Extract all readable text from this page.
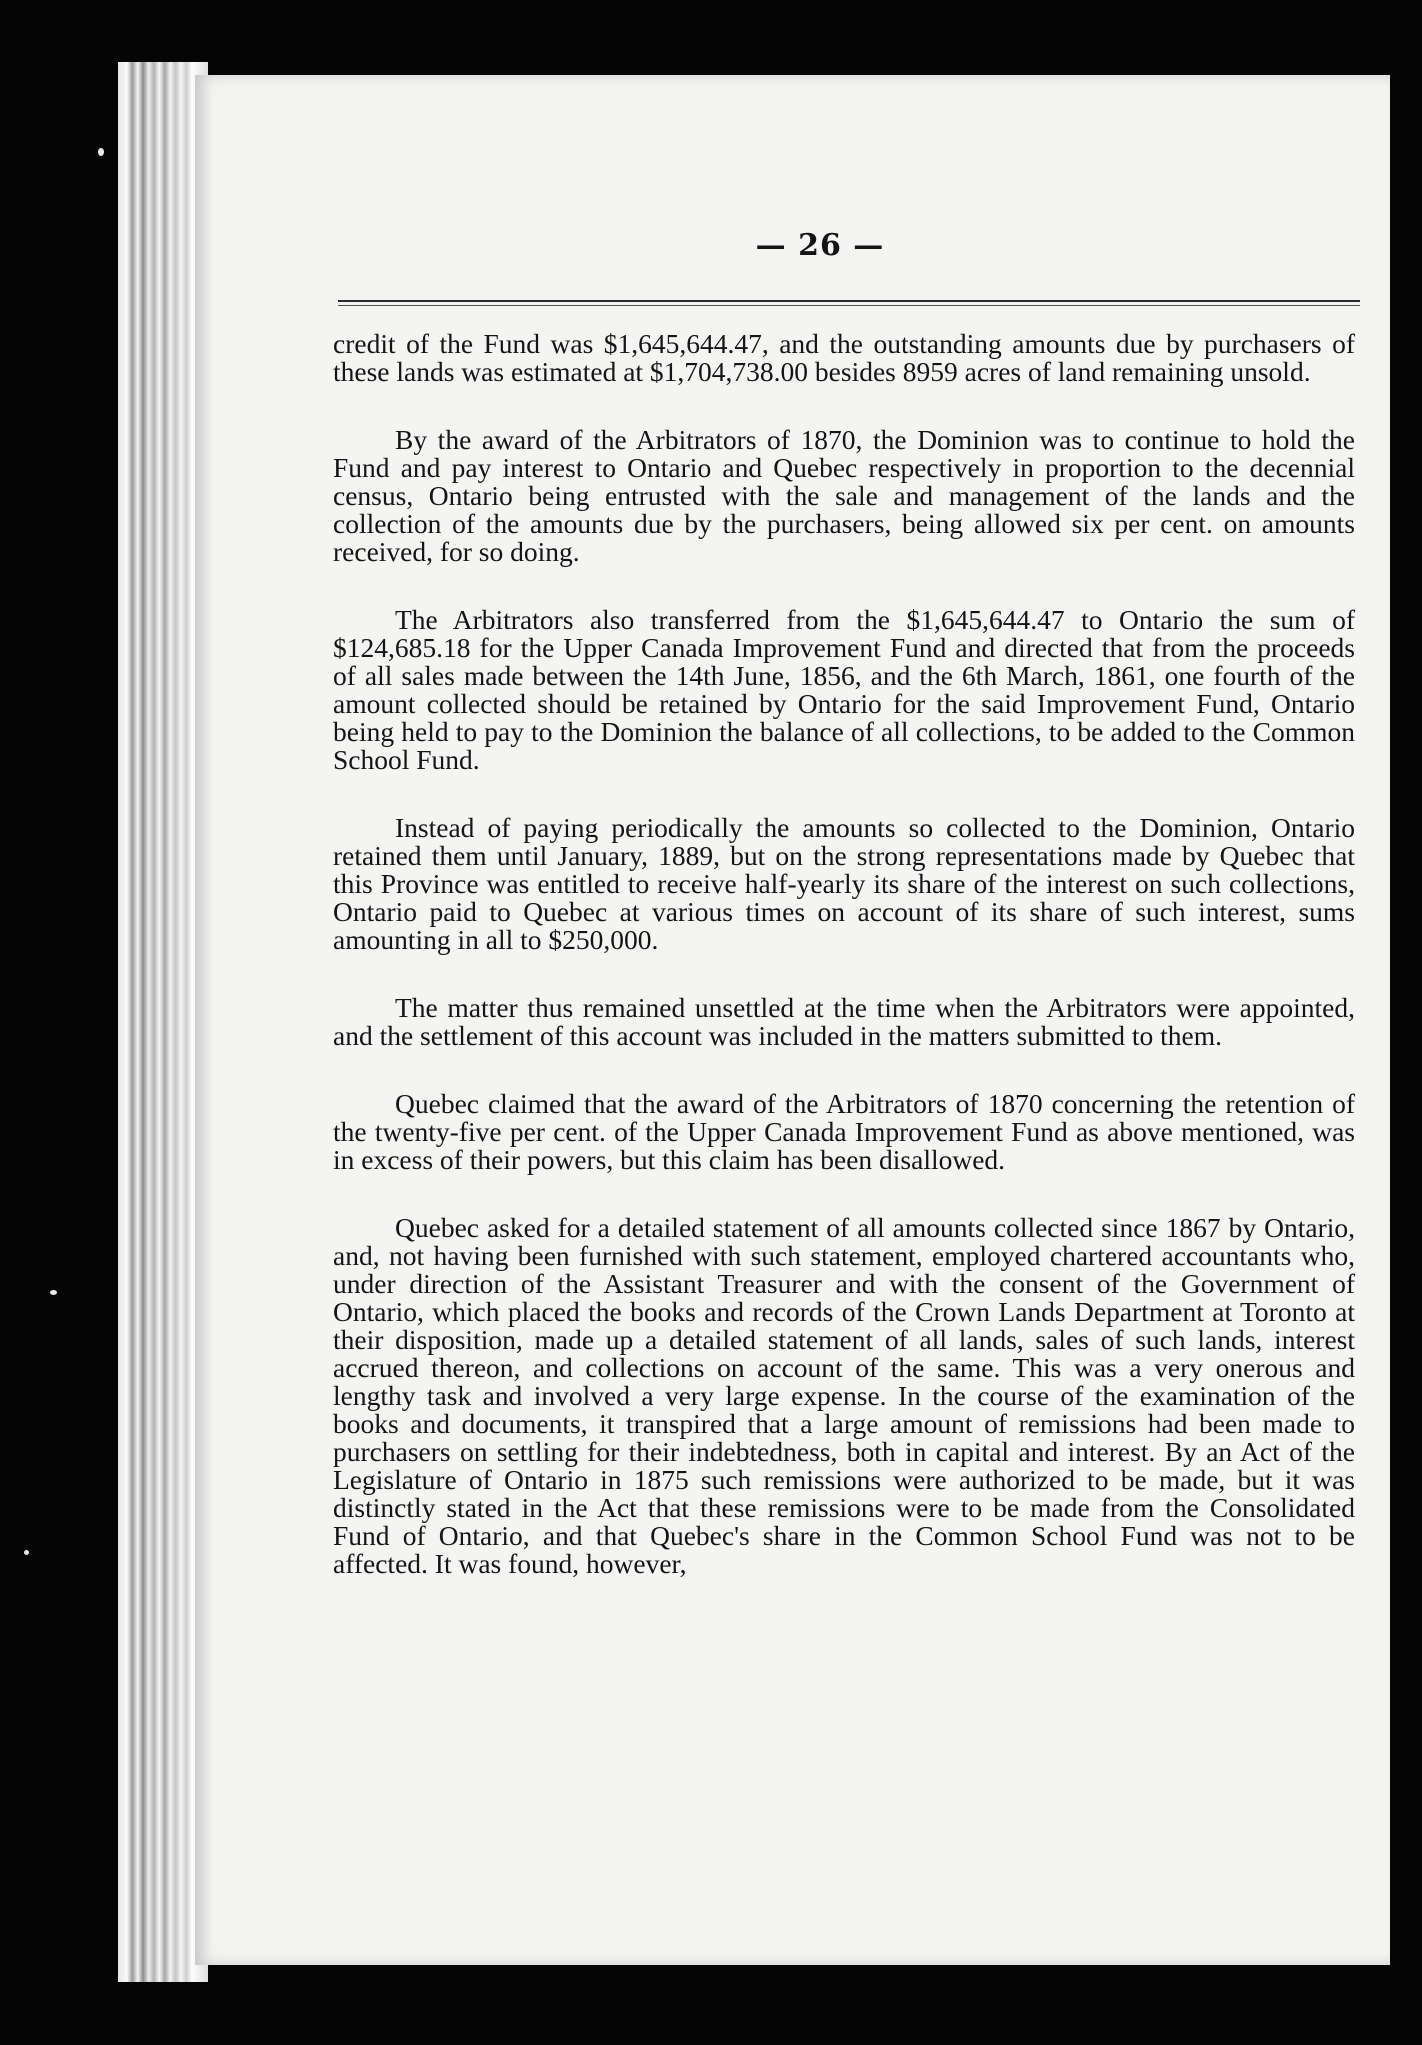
— 26 —

credit of the Fund was $1,645,644.47, and the outstanding amounts due by purchasers of these lands was estimated at $1,704,738.00 besides 8959 acres of land remaining unsold.

By the award of the Arbitrators of 1870, the Dominion was to continue to hold the Fund and pay interest to Ontario and Quebec respectively in proportion to the decennial census, Ontario being entrusted with the sale and management of the lands and the collection of the amounts due by the purchasers, being allowed six per cent. on amounts received, for so doing.

The Arbitrators also transferred from the $1,645,644.47 to Ontario the sum of $124,685.18 for the Upper Canada Improvement Fund and directed that from the proceeds of all sales made between the 14th June, 1856, and the 6th March, 1861, one fourth of the amount collected should be retained by Ontario for the said Improvement Fund, Ontario being held to pay to the Dominion the balance of all collections, to be added to the Common School Fund.

Instead of paying periodically the amounts so collected to the Dominion, Ontario retained them until January, 1889, but on the strong representations made by Quebec that this Province was entitled to receive half-yearly its share of the interest on such collections, Ontario paid to Quebec at various times on account of its share of such interest, sums amounting in all to $250,000.

The matter thus remained unsettled at the time when the Arbitrators were appointed, and the settlement of this account was included in the matters submitted to them.

Quebec claimed that the award of the Arbitrators of 1870 concerning the retention of the twenty-five per cent. of the Upper Canada Improvement Fund as above mentioned, was in excess of their powers, but this claim has been disallowed.

Quebec asked for a detailed statement of all amounts collected since 1867 by Ontario, and, not having been furnished with such statement, employed chartered accountants who, under direction of the Assistant Treasurer and with the consent of the Government of Ontario, which placed the books and records of the Crown Lands Department at Toronto at their disposition, made up a detailed statement of all lands, sales of such lands, interest accrued thereon, and collections on account of the same. This was a very onerous and lengthy task and involved a very large expense. In the course of the examination of the books and documents, it transpired that a large amount of remissions had been made to purchasers on settling for their indebtedness, both in capital and interest. By an Act of the Legislature of Ontario in 1875 such remissions were authorized to be made, but it was distinctly stated in the Act that these remissions were to be made from the Consolidated Fund of Ontario, and that Quebec's share in the Common School Fund was not to be affected. It was found, however,
